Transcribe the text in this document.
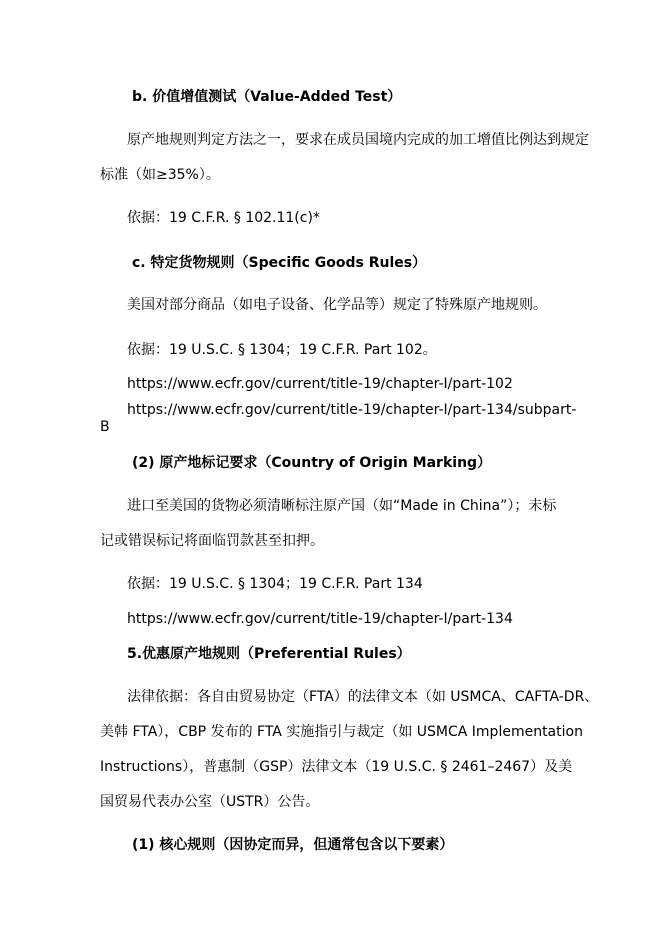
b. 价值增值测试（Value-Added Test）
原产地规则判定方法之一，要求在成员国境内完成的加工增值比例达到规定
标准（如≥35%）。
依据：19 C.F.R. § 102.11(c)*
c. 特定货物规则（Specific Goods Rules）
美国对部分商品（如电子设备、化学品等）规定了特殊原产地规则。
依据：19 U.S.C. § 1304；19 C.F.R. Part 102。
https://www.ecfr.gov/current/title-19/chapter-I/part-102
https://www.ecfr.gov/current/title-19/chapter-I/part-134/subpart-
B
(2) 原产地标记要求（Country of Origin Marking）
进口至美国的货物必须清晰标注原产国（如“Made in China”）；未标
记或错误标记将面临罚款甚至扣押。
依据：19 U.S.C. § 1304；19 C.F.R. Part 134
https://www.ecfr.gov/current/title-19/chapter-I/part-134
5.优惠原产地规则（Preferential Rules）
法律依据：各自由贸易协定（FTA）的法律文本（如 USMCA、CAFTA-DR、
美韩 FTA），CBP 发布的 FTA 实施指引与裁定（如 USMCA Implementation
Instructions），普惠制（GSP）法律文本（19 U.S.C. § 2461–2467）及美
国贸易代表办公室（USTR）公告。
(1) 核心规则（因协定而异，但通常包含以下要素）
